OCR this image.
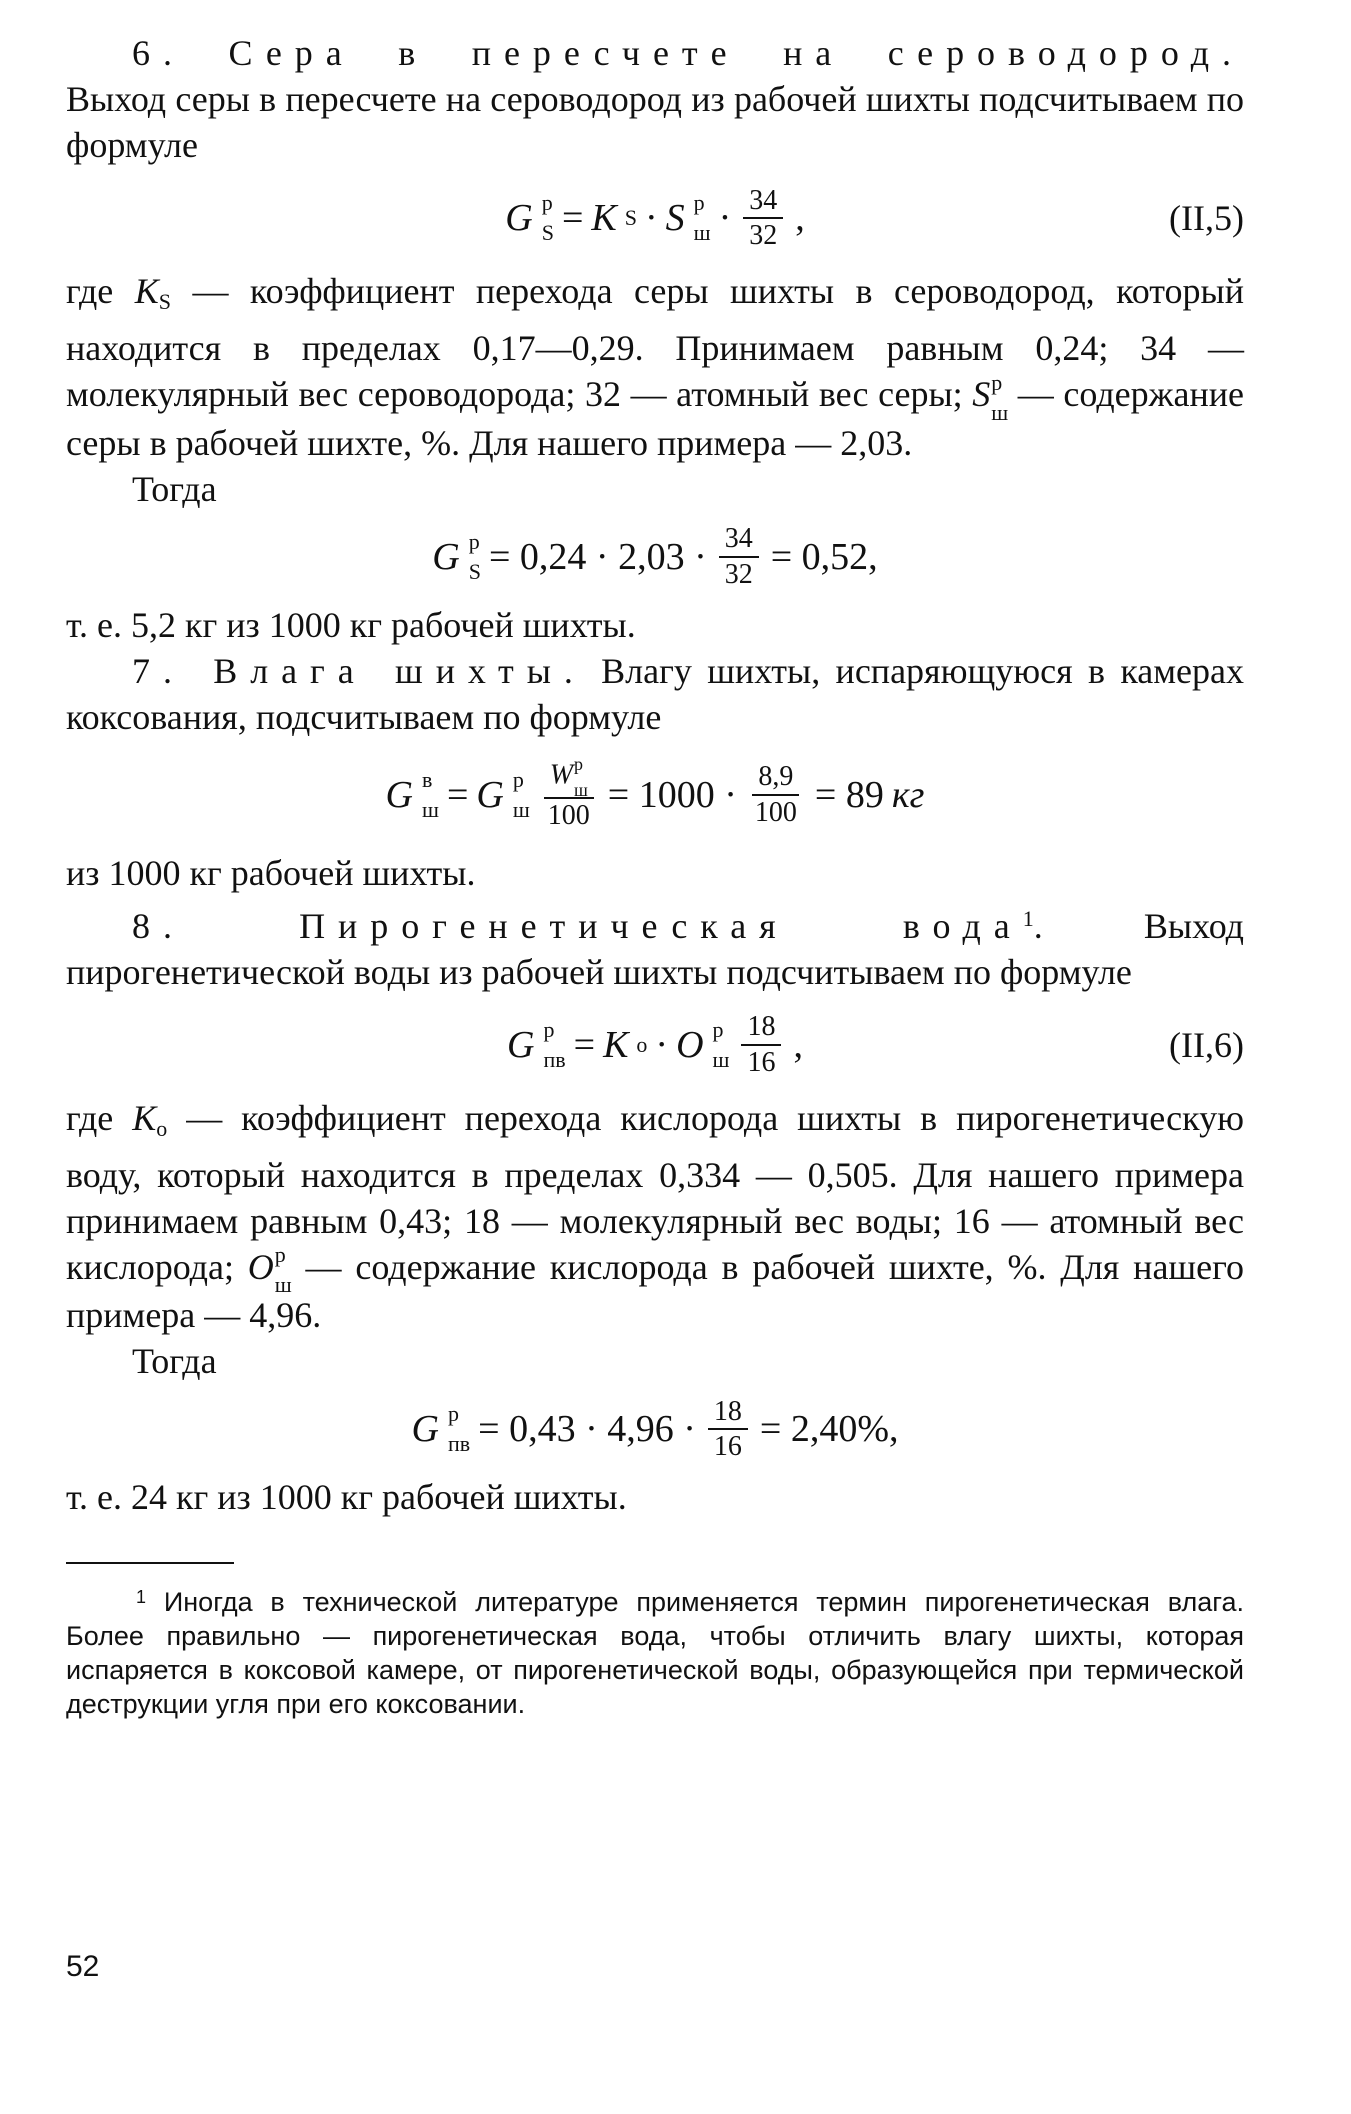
6. Сера в пересчете на сероводород. Выход серы в пересчете на сероводород из рабочей шихты подсчитываем по формуле

G р
S = K S · S р
$ш \cdot \frac{34}{32}$ ,	(II,5)

где KS — коэффициент перехода серы шихты в сероводород, который находится в пределах 0,17—0,29. Принимаем равным 0,24; 34 — молекулярный вес сероводорода; 32 — атомный вес серы; S р
ш — содержание серы в рабочей шихте, %. Для нашего примера — 2,03.

Тогда

G р
$S = 0,24 \cdot 2,03 \cdot \frac{34}{32} = 0,52$,

т. е. 5,2 кг из 1000 кг рабочей шихты.

7. Влага шихты. Влагу шихты, испаряющуюся в камерах коксования, подсчитываем по формуле

G в
ш = G р
ш W р
ш
$100 = 1000 \cdot \frac{8,9}{100} = 89$ кг

из 1000 кг рабочей шихты.

8. Пирогенетическая вода$^1$. Выход пирогенетической воды из рабочей шихты подсчитываем по формуле

G р
пв = K о · O р
ш $\frac{18}{16}$ ,	(II,6)

где Kо — коэффициент перехода кислорода шихты в пирогенетическую воду, который находится в пределах 0,334 — 0,505. Для нашего примера принимаем равным 0,43; 18 — молекулярный вес воды; 16 — атомный вес кислорода; O р
ш — содержание кислорода в рабочей шихте, %. Для нашего примера — 4,96.

Тогда

G р
пв = $0,43 \cdot 4,96 \cdot \frac{18}{16} = 2,40\%$,

т. е. 24 кг из 1000 кг рабочей шихты.

$^1$ Иногда в технической литературе применяется термин пирогенетическая влага. Более правильно — пирогенетическая вода, чтобы отличить влагу шихты, которая испаряется в коксовой камере, от пирогенетической воды, образующейся при термической деструкции угля при его коксовании.

52
